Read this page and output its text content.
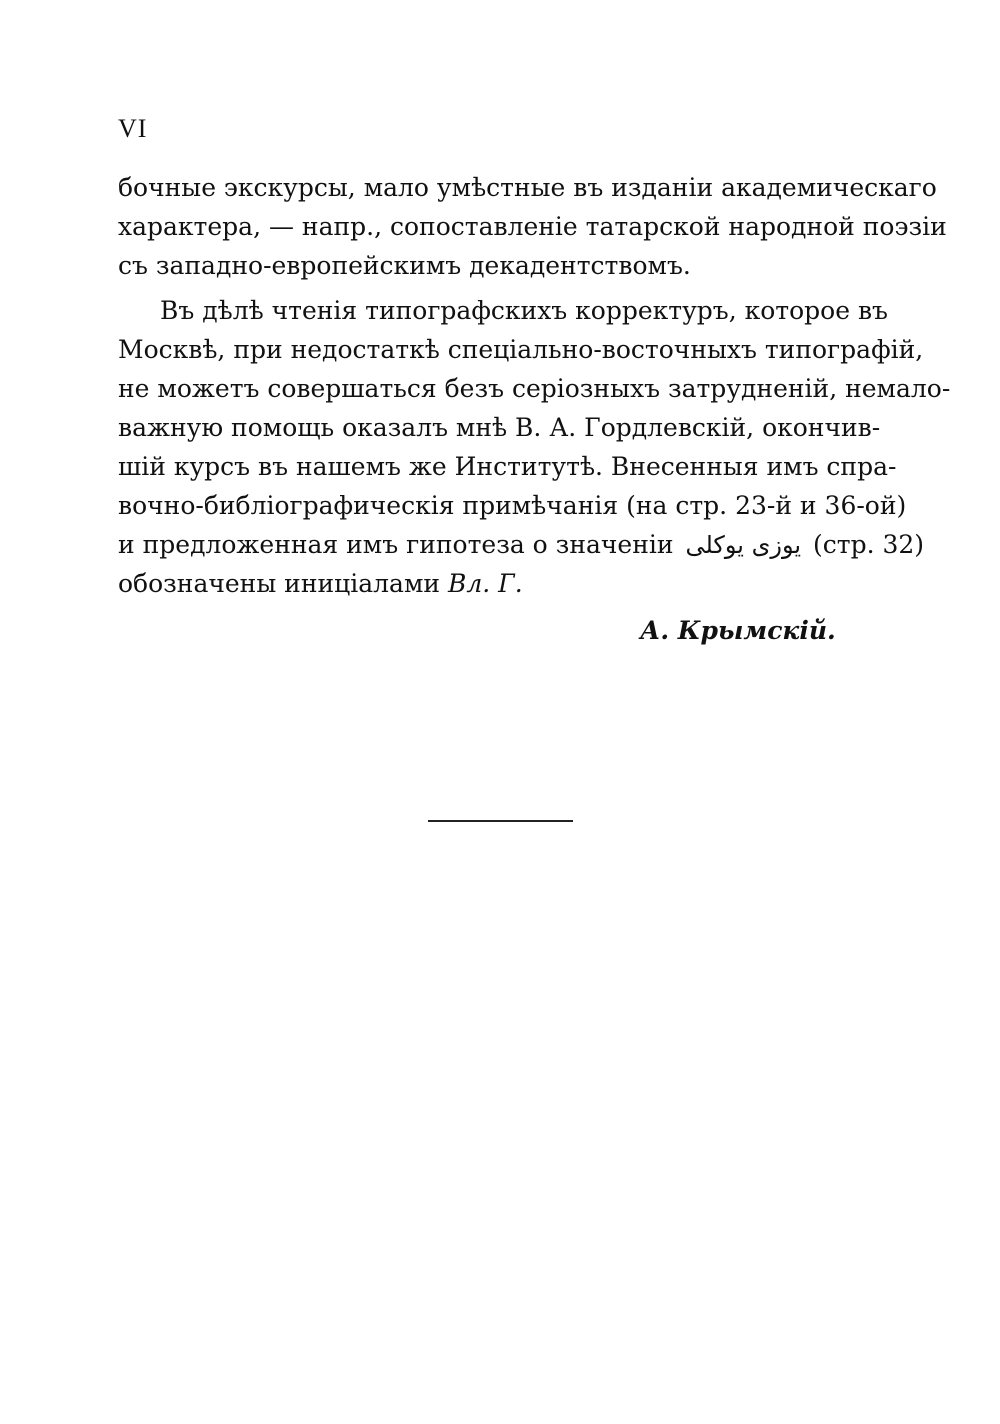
VI
бочные экскурсы, мало умѣстные въ изданіи академическаго
характера, — напр., сопоставленіе татарской народной поэзіи
съ западно-европейскимъ декадентствомъ.
Въ дѣлѣ чтенія типографскихъ корректуръ, которое въ
Москвѣ, при недостаткѣ спеціально-восточныхъ типографій,
не можетъ совершаться безъ серіозныхъ затрудненій, немало-
важную помощь оказалъ мнѣ В. А. Гордлевскій, окончив-
шій курсъ въ нашемъ же Институтѣ. Внесенныя имъ спра-
вочно-библіографическія примѣчанія (на стр. 23-й и 36-ой)
и предложенная имъ гипотеза о значеніи يوزى يوكلى (стр. 32)
обозначены иниціалами Вл. Г.
А. Крымскій.
